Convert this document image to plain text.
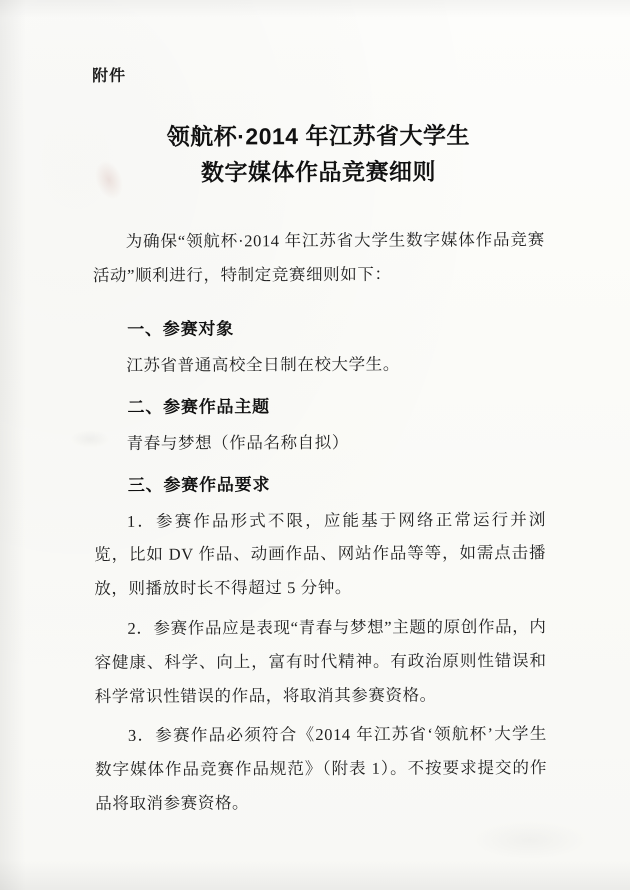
附件
领航杯·2014 年江苏省大学生
数字媒体作品竞赛细则

为确保“领航杯·2014 年江苏省大学生数字媒体作品竞赛活动”顺利进行，特制定竞赛细则如下：

一、参赛对象

江苏省普通高校全日制在校大学生。

二、参赛作品主题

青春与梦想（作品名称自拟）

三、参赛作品要求

1．参赛作品形式不限，应能基于网络正常运行并浏览，比如 DV 作品、动画作品、网站作品等等，如需点击播放，则播放时长不得超过 5 分钟。

2．参赛作品应是表现“青春与梦想”主题的原创作品，内容健康、科学、向上，富有时代精神。有政治原则性错误和科学常识性错误的作品，将取消其参赛资格。

3．参赛作品必须符合《2014 年江苏省‘领航杯’大学生数字媒体作品竞赛作品规范》（附表 1）。不按要求提交的作品将取消参赛资格。
